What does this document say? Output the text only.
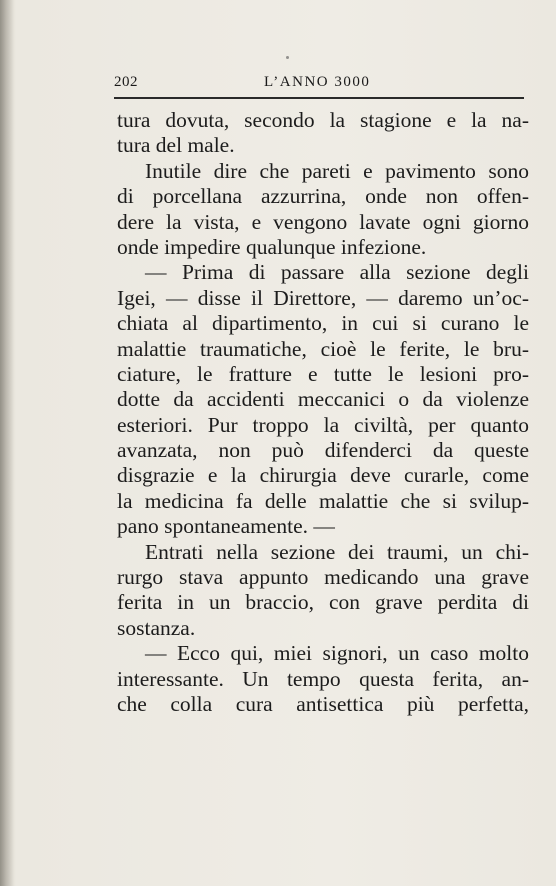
202	L’ANNO 3000
tura dovuta, secondo la stagione e la na-
tura del male.
Inutile dire che pareti e pavimento sono
di porcellana azzurrina, onde non offen-
dere la vista, e vengono lavate ogni giorno
onde impedire qualunque infezione.
— Prima di passare alla sezione degli
Igei, — disse il Direttore, — daremo un’oc-
chiata al dipartimento, in cui si curano le
malattie traumatiche, cioè le ferite, le bru-
ciature, le fratture e tutte le lesioni pro-
dotte da accidenti meccanici o da violenze
esteriori. Pur troppo la civiltà, per quanto
avanzata, non può difenderci da queste
disgrazie e la chirurgia deve curarle, come
la medicina fa delle malattie che si svilup-
pano spontaneamente. —
Entrati nella sezione dei traumi, un chi-
rurgo stava appunto medicando una grave
ferita in un braccio, con grave perdita di
sostanza.
— Ecco qui, miei signori, un caso molto
interessante. Un tempo questa ferita, an-
che colla cura antisettica più perfetta,
